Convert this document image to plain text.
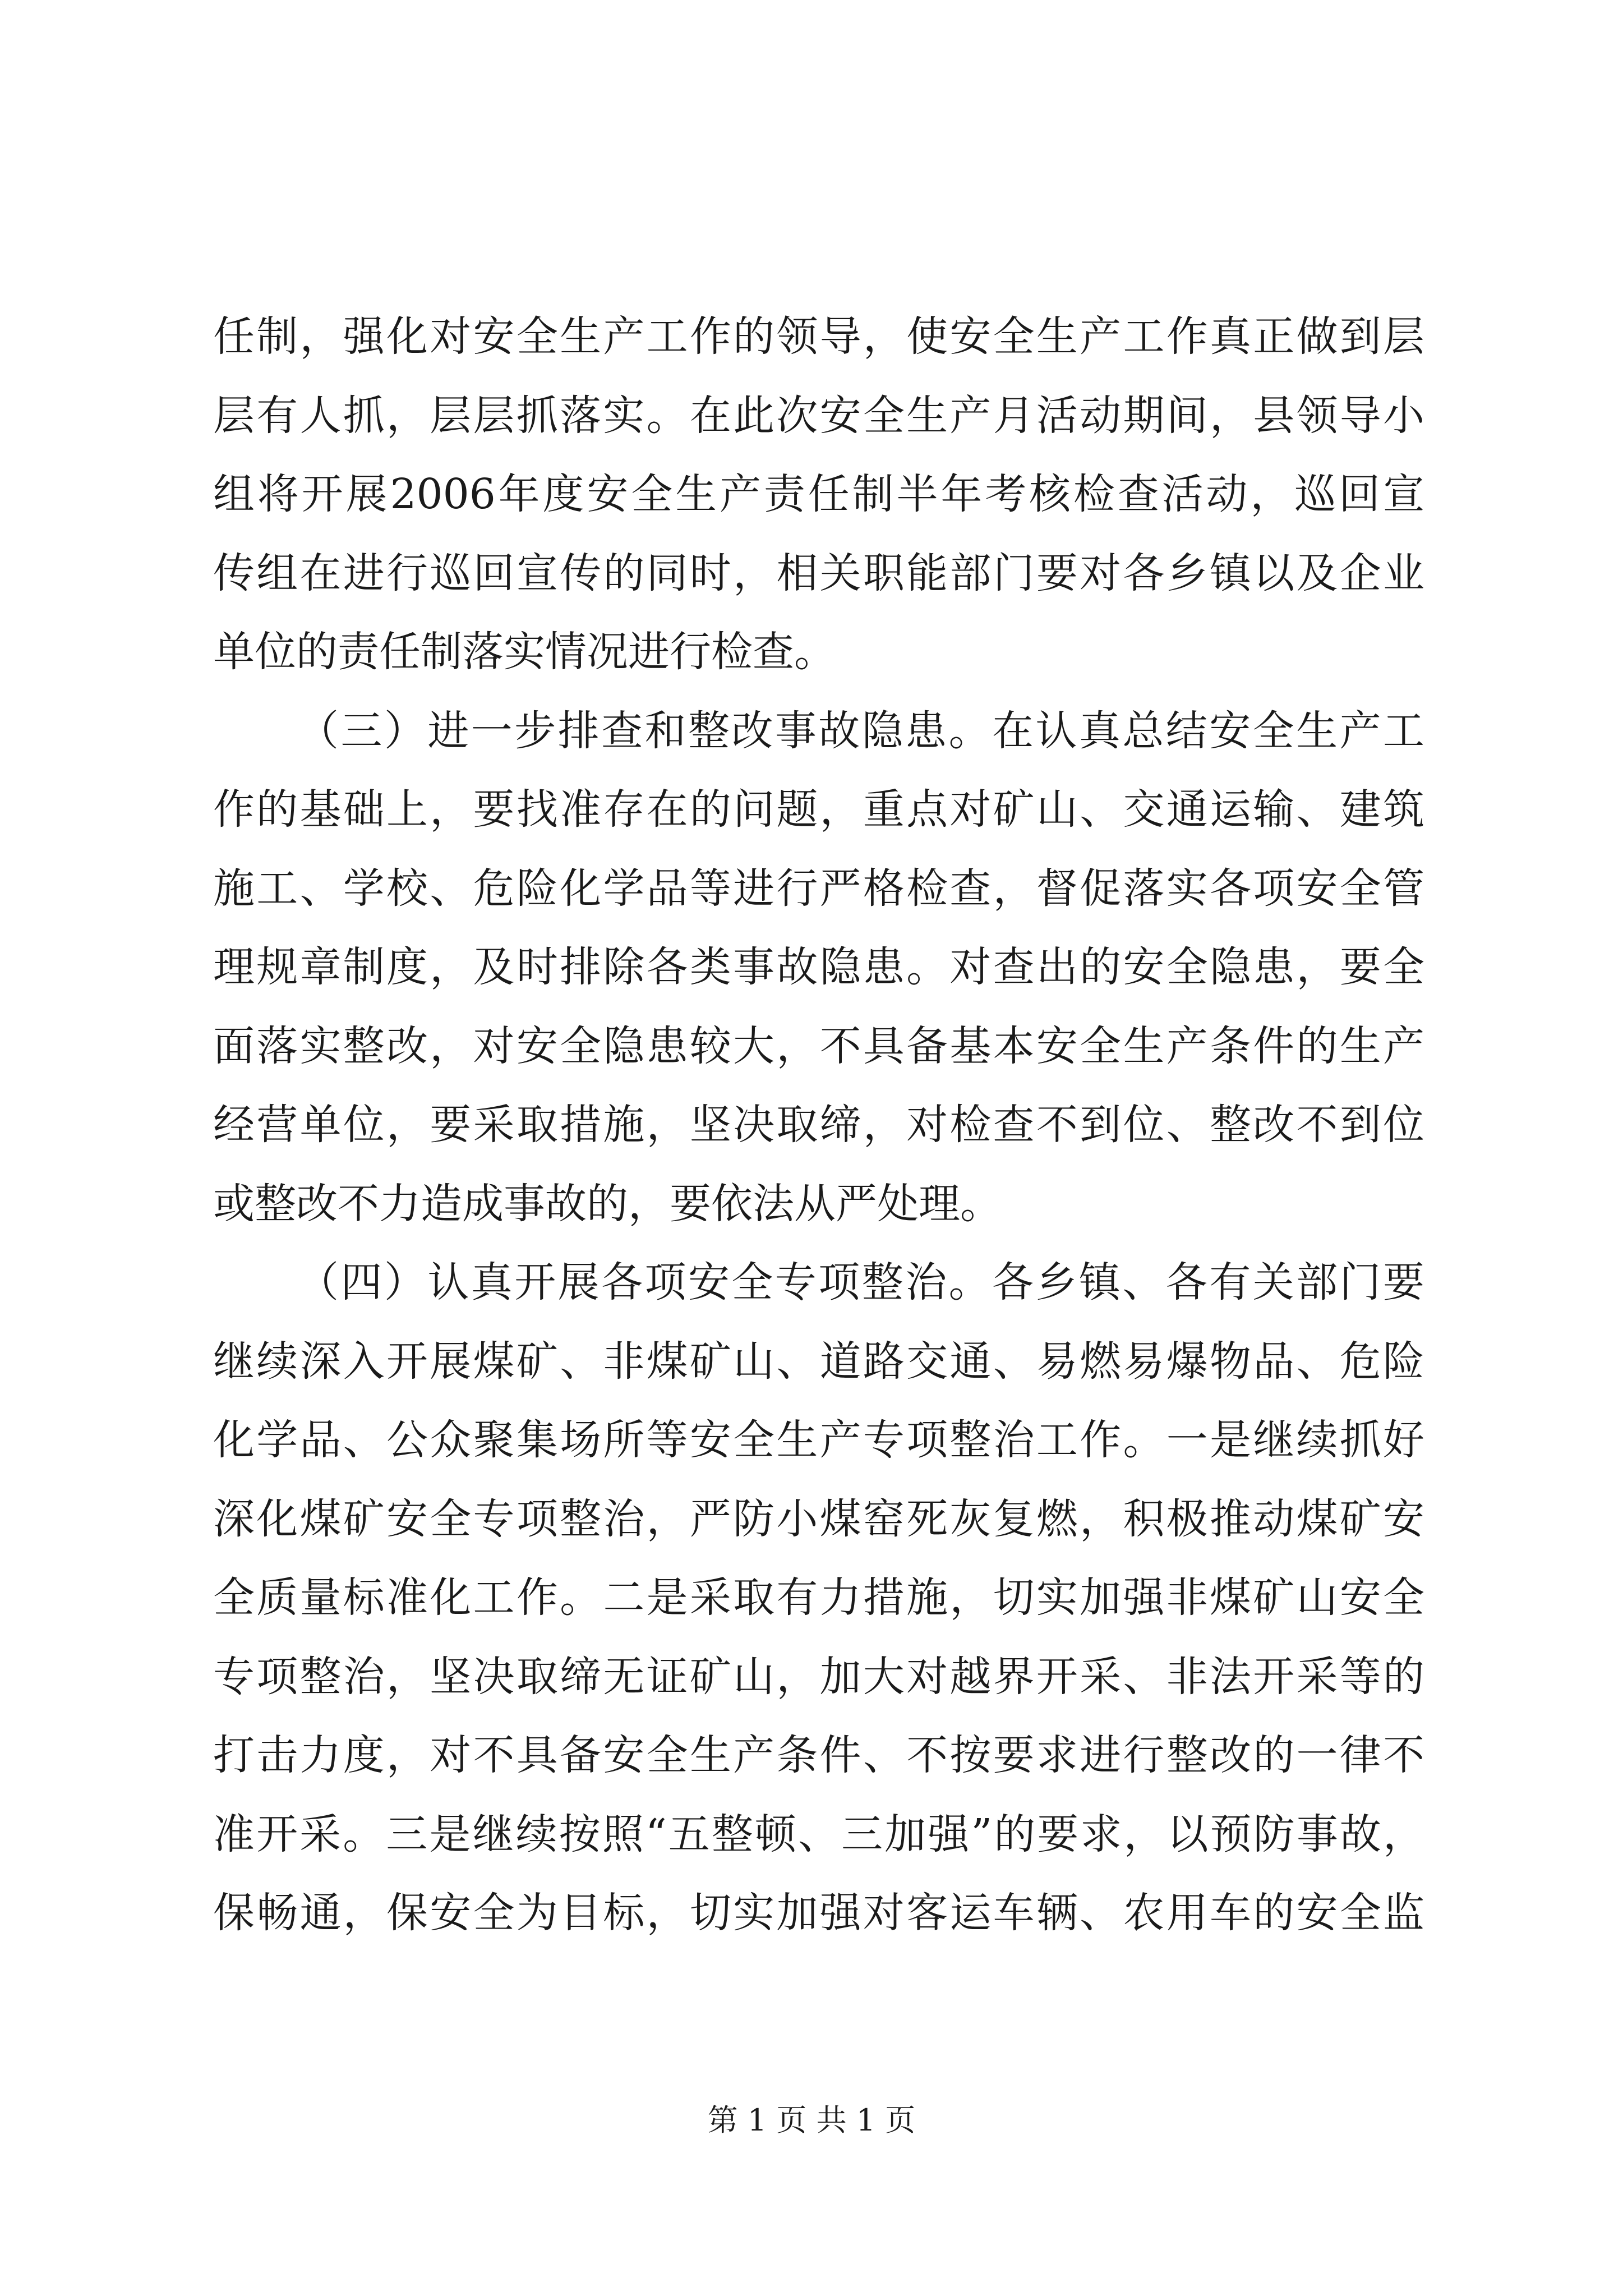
任制，强化对安全生产工作的领导，使安全生产工作真正做到层
层有人抓，层层抓落实。在此次安全生产月活动期间，县领导小
组将开展2006年度安全生产责任制半年考核检查活动，巡回宣
传组在进行巡回宣传的同时，相关职能部门要对各乡镇以及企业
单位的责任制落实情况进行检查。
（三）进一步排查和整改事故隐患。在认真总结安全生产工
作的基础上，要找准存在的问题，重点对矿山、交通运输、建筑
施工、学校、危险化学品等进行严格检查，督促落实各项安全管
理规章制度，及时排除各类事故隐患。对查出的安全隐患，要全
面落实整改，对安全隐患较大，不具备基本安全生产条件的生产
经营单位，要采取措施，坚决取缔，对检查不到位、整改不到位
或整改不力造成事故的，要依法从严处理。
（四）认真开展各项安全专项整治。各乡镇、各有关部门要
继续深入开展煤矿、非煤矿山、道路交通、易燃易爆物品、危险
化学品、公众聚集场所等安全生产专项整治工作。一是继续抓好
深化煤矿安全专项整治，严防小煤窑死灰复燃，积极推动煤矿安
全质量标准化工作。二是采取有力措施，切实加强非煤矿山安全
专项整治，坚决取缔无证矿山，加大对越界开采、非法开采等的
打击力度，对不具备安全生产条件、不按要求进行整改的一律不
准开采。三是继续按照“五整顿、三加强”的要求，以预防事故，
保畅通，保安全为目标，切实加强对客运车辆、农用车的安全监
第 1 页 共 1 页
